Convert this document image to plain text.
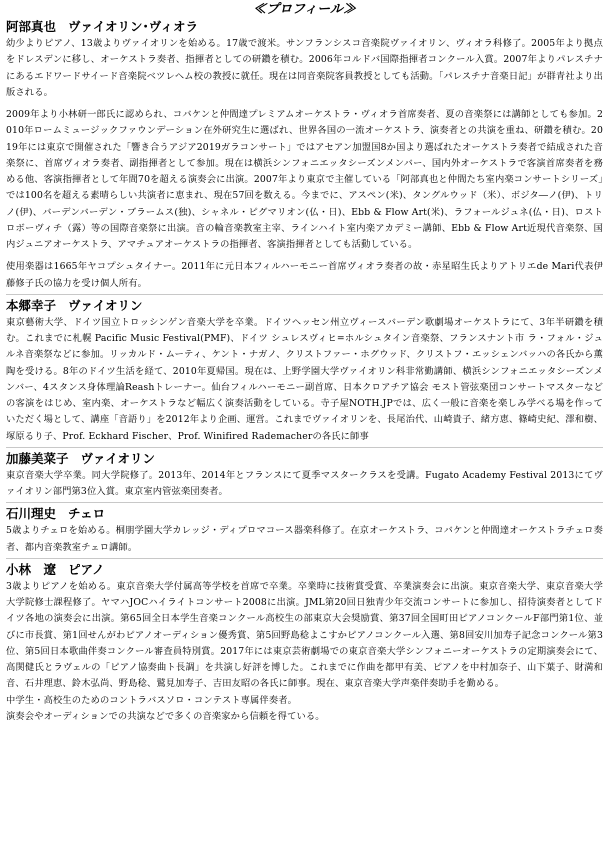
≪プロフィール≫
阿部真也 ヴァイオリン･ヴィオラ

幼少よりピアノ、13歳よりヴァイオリンを始める。17歳で渡米。サンフランシスコ音楽院ヴァイオリン、ヴィオラ科修了。2005年より拠点をドレスデンに移し、オーケストラ奏者、指揮者としての研鑽を積む。2006年コルドバ国際指揮者コンクール入賞。2007年よりパレスチナにあるエドワードサイード音楽院ベツレヘム校の教授に就任。現在は同音楽院客員教授としても活動。「パレスチナ音楽日記」が群青社より出版される。

2009年より小林研一郎氏に認められ、コバケンと仲間達プレミアムオーケストラ・ヴィオラ首席奏者、夏の音楽祭には講師としても参加。2010年ロームミュージックファウンデーション在外研究生に選ばれ、世界各国の一流オーケストラ、演奏者との共演を重ね、研鑽を積む。2019年には東京で開催された「響き合うアジア2019ガラコンサート」ではアセアン加盟国8か国より選ばれたオーケストラ奏者で結成された音楽祭に、首席ヴィオラ奏者、副指揮者として参加。現在は横浜シンフォニエッタシーズンメンバー、国内外オーケストラで客演首席奏者を務める他、客演指揮者として年間70を超える演奏会に出演。2007年より東京で主催している「阿部真也と仲間たち室内楽コンサートシリーズ」では100名を超える素晴らしい共演者に恵まれ、現在57回を数える。今までに、アスペン(米)、タングルウッド（米）、ボジタ―ノ(伊)、トリノ(伊)、バーデンバーデン・ブラームス(独)、シャネル・ピグマリオン(仏・日)、Ebb & Flow Art(米)、ラフォールジュネ(仏・日)、ロストロボーヴィチ（露）等の国際音楽祭に出演。音の輪音楽教室主宰、ラインハイト室内楽アカデミー講師、Ebb & Flow Art近現代音楽祭、国内ジュニアオーケストラ、アマチュアオーケストラの指揮者、客演指揮者としても活動している。

使用楽器は1665年ヤコプシュタイナー。2011年に元日本フィルハーモニー首席ヴィオラ奏者の故・赤星昭生氏よりアトリエde Mari代表伊藤修子氏の協力を受け個人所有。

本郷幸子 ヴァイオリン

東京藝術大学、ドイツ国立トロッシンゲン音楽大学を卒業。ドイツヘッセン州立ヴィースバーデン歌劇場オーケストラにて、3年半研鑽を積む。これまでに札幌 Pacific Music Festival(PMF)、ドイツ シュレスヴィヒ=ホルシュタイン音楽祭、フランスナント市 ラ・フォル・ジュルネ音楽祭などに参加。リッカルド・ムーティ、ケント・ナガノ、クリストファー・ホグウッド、クリストフ・エッシェンバッハの各氏から薫陶を受ける。8年のドイツ生活を経て、2010年夏帰国。現在は、上野学園大学ヴァイオリン科非常勤講師、横浜シンフォニエッタシーズンメンバー、4スタンス身体理論Reashトレーナー。仙台フィルハーモニー副首席、日本クロアチア協会 モスト管弦楽団コンサートマスターなどの客演をはじめ、室内楽、オーケストラなど幅広く演奏活動をしている。寺子屋NOTH.JPでは、広く一般に音楽を楽しみ学べる場を作っていただく場として、講座「音語り」を2012年より企画、運営。これまでヴァイオリンを、長尾治代、山崎貴子、緒方恵、篠崎史紀、澤和樹、塚原るり子、Prof. Eckhard Fischer、Prof. Winifired Rademacherの各氏に師事

加藤美菜子 ヴァイオリン

東京音楽大学卒業。同大学院修了。2013年、2014年とフランスにて夏季マスタークラスを受講。Fugato Academy Festival 2013にてヴァイオリン部門第3位入賞。東京室内管弦楽団奏者。

石川理史 チェロ

5歳よりチェロを始める。桐朋学園大学カレッジ・ディプロマコース器楽科修了。在京オーケストラ、コバケンと仲間達オーケストラチェロ奏者、都内音楽教室チェロ講師。

小林　遼 ピアノ

3歳よりピアノを始める。東京音楽大学付属高等学校を首席で卒業。卒業時に技術賞受賞、卒業演奏会に出演。東京音楽大学、東京音楽大学大学院修士課程修了。ヤマハJOCハイライトコンサート2008に出演。JML第20回日独青少年交流コンサートに参加し、招待演奏者としてドイツ各地の演奏会に出演。第65回全日本学生音楽コンクール高校生の部東京大会奨励賞、第37回全国町田ピアノコンクールF部門第1位、並びに市長賞、第1回せんがわピアノオーディション優秀賞、第5回野島稔よこすかピアノコンクール入選、第8回安川加寿子記念コンクール第3位、第5回日本歌曲伴奏コンクール審査員特別賞。2017年には東京芸術劇場での東京音楽大学シンフォニーオーケストラの定期演奏会にて、高関健氏とラヴェルの「ピアノ協奏曲ト長調」を共演し好評を博した。これまでに作曲を都甲有美、ピアノを中村加奈子、山下葉子、財満和音、石井理恵、鈴木弘尚、野島稔、鷲見加寿子、吉田友昭の各氏に師事。現在、東京音楽大学声楽伴奏助手を勤める。

中学生・高校生のためのコントラバスソロ・コンテスト専属伴奏者。

演奏会やオーディションでの共演などで多くの音楽家から信頼を得ている。
